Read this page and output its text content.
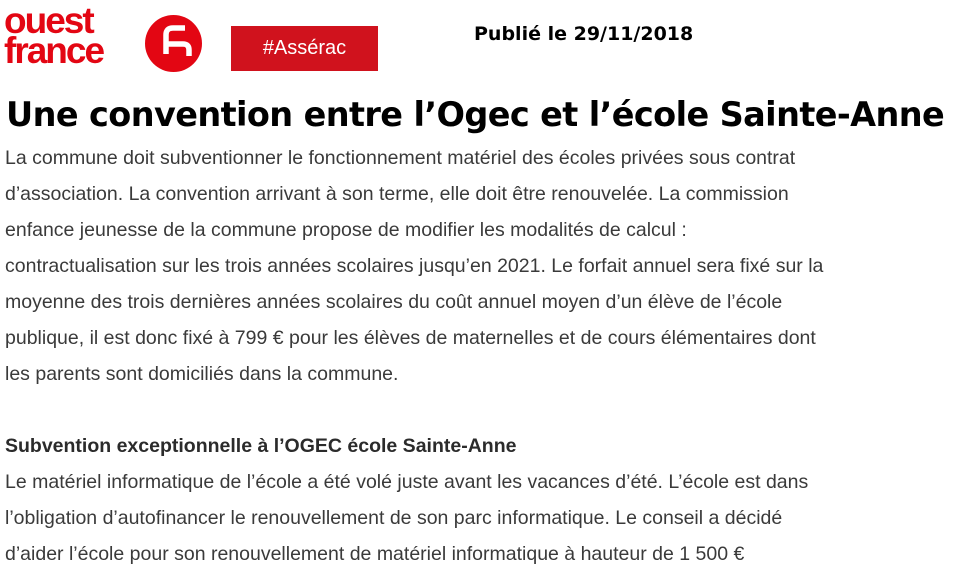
ouest
france	#Assérac
Publié le 29/11/2018
Une convention entre l’Ogec et l’école Sainte-Anne

La commune doit subventionner le fonctionnement matériel des écoles privées sous contrat
d’association. La convention arrivant à son terme, elle doit être renouvelée. La commission
enfance jeunesse de la commune propose de modifier les modalités de calcul :
contractualisation sur les trois années scolaires jusqu’en 2021. Le forfait annuel sera fixé sur la
moyenne des trois dernières années scolaires du coût annuel moyen d’un élève de l’école
publique, il est donc fixé à 799 € pour les élèves de maternelles et de cours élémentaires dont
les parents sont domiciliés dans la commune.

Subvention exceptionnelle à l’OGEC école Sainte-Anne

Le matériel informatique de l’école a été volé juste avant les vacances d’été. L’école est dans
l’obligation d’autofinancer le renouvellement de son parc informatique. Le conseil a décidé
d’aider l’école pour son renouvellement de matériel informatique à hauteur de 1 500 €
